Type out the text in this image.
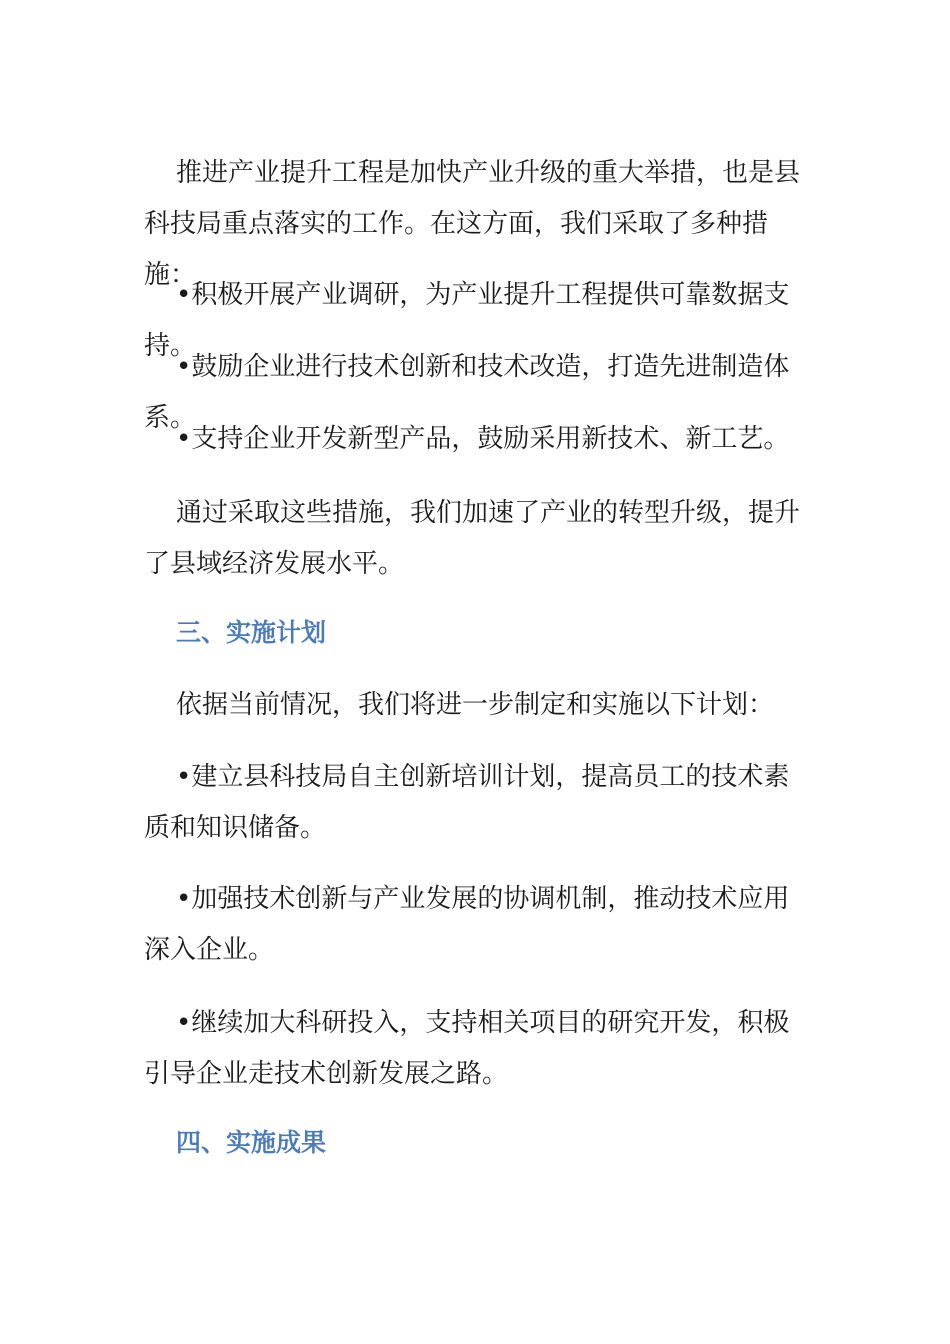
推进产业提升工程是加快产业升级的重大举措，也是县科技局重点落实的工作。在这方面，我们采取了多种措施：

•积极开展产业调研，为产业提升工程提供可靠数据支持。

•鼓励企业进行技术创新和技术改造，打造先进制造体系。

•支持企业开发新型产品，鼓励采用新技术、新工艺。

通过采取这些措施，我们加速了产业的转型升级，提升了县域经济发展水平。

三、实施计划

依据当前情况，我们将进一步制定和实施以下计划：

•建立县科技局自主创新培训计划，提高员工的技术素质和知识储备。

•加强技术创新与产业发展的协调机制，推动技术应用深入企业。

•继续加大科研投入，支持相关项目的研究开发，积极引导企业走技术创新发展之路。

四、实施成果
